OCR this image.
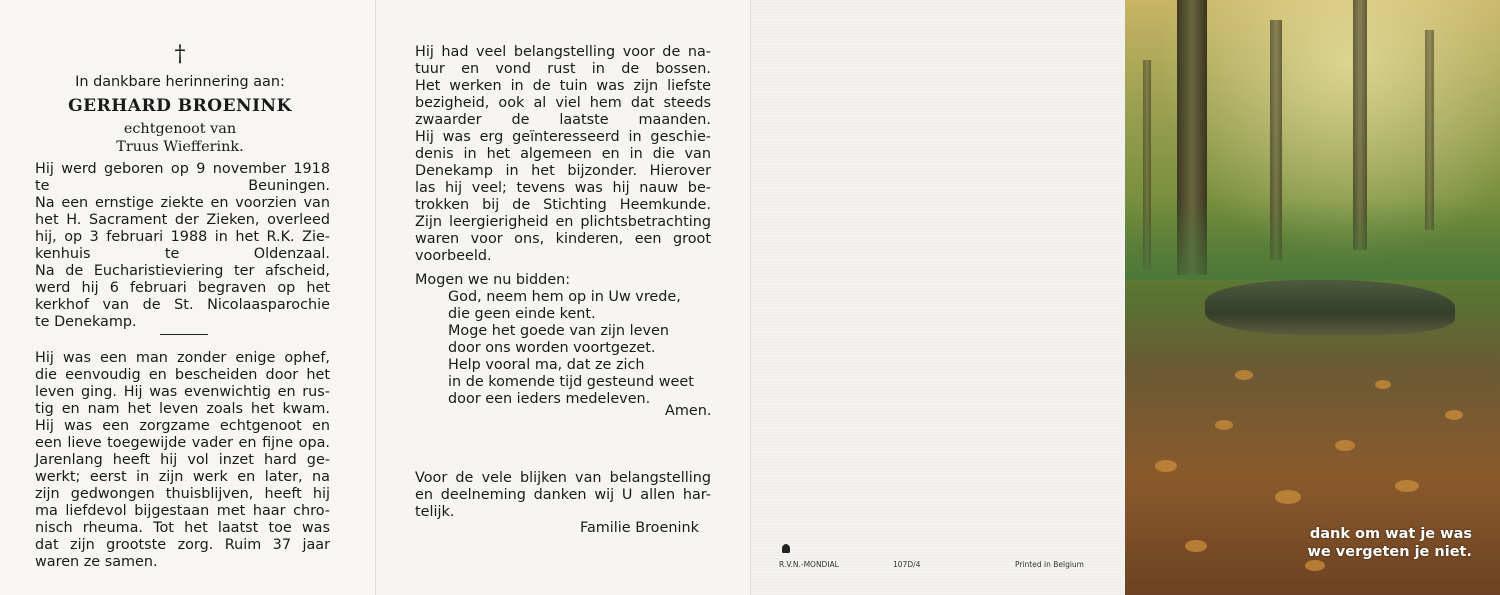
†
In dankbare herinnering aan:
GERHARD BROENINK
echtgenoot van
Truus Wiefferink.
Hij werd geboren op 9 november 1918
te Beuningen.
Na een ernstige ziekte en voorzien van
het H. Sacrament der Zieken, overleed
hij, op 3 februari 1988 in het R.K. Zie-
kenhuis te Oldenzaal.
Na de Eucharistieviering ter afscheid,
werd hij 6 februari begraven op het
kerkhof van de St. Nicolaasparochie
te Denekamp.
Hij was een man zonder enige ophef,
die eenvoudig en bescheiden door het
leven ging. Hij was evenwichtig en rus-
tig en nam het leven zoals het kwam.
Hij was een zorgzame echtgenoot en
een lieve toegewijde vader en fijne opa.
Jarenlang heeft hij vol inzet hard ge-
werkt; eerst in zijn werk en later, na
zijn gedwongen thuisblijven, heeft hij
ma liefdevol bijgestaan met haar chro-
nisch rheuma. Tot het laatst toe was
dat zijn grootste zorg. Ruim 37 jaar
waren ze samen.
Hij had veel belangstelling voor de na-
tuur en vond rust in de bossen.
Het werken in de tuin was zijn liefste
bezigheid, ook al viel hem dat steeds
zwaarder de laatste maanden.
Hij was erg geïnteresseerd in geschie-
denis in het algemeen en in die van
Denekamp in het bijzonder. Hierover
las hij veel; tevens was hij nauw be-
trokken bij de Stichting Heemkunde.
Zijn leergierigheid en plichtsbetrachting
waren voor ons, kinderen, een groot
voorbeeld.
Mogen we nu bidden:
God, neem hem op in Uw vrede,
die geen einde kent.
Moge het goede van zijn leven
door ons worden voortgezet.
Help vooral ma, dat ze zich
in de komende tijd gesteund weet
door een ieders medeleven.
Amen.
Voor de vele blijken van belangstelling
en deelneming danken wij U allen har-
telijk.
Familie Broenink
R.V.N.-MONDIAL	107D/4	Printed in Belgium
dank om wat je was
we vergeten je niet.
